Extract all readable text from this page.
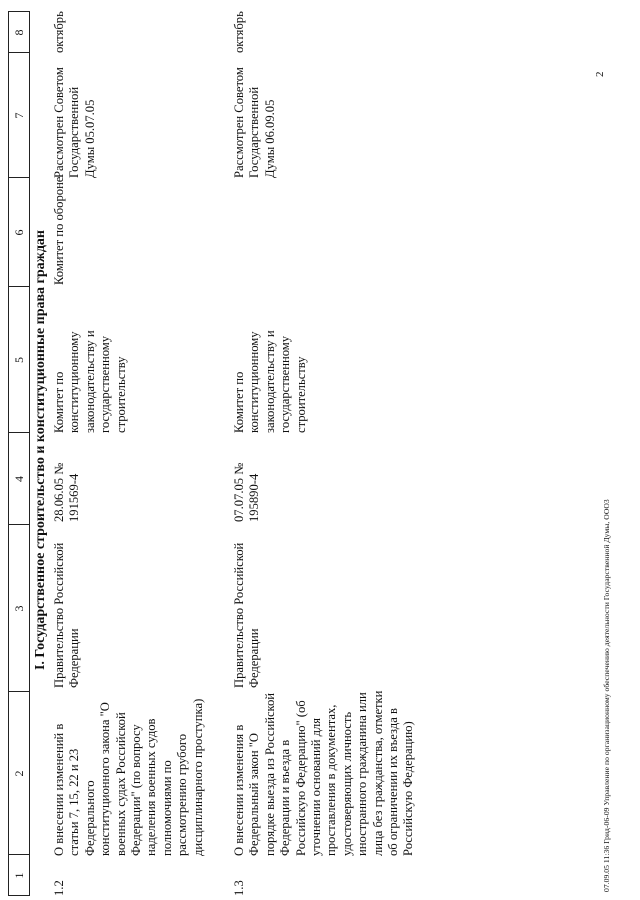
1
2
3
4
5
6
7
8
I. Государственное строительство и конституционные права граждан
1.2
О внесении изменений в статьи 7, 15, 22 и 23 Федерального конституционного закона "О военных судах Российской Федерации" (по вопросу наделения военных судов полномочиями по рассмотрению грубого дисциплинарного проступка)
Правительство Российской Федерации
28.06.05 № 191569-4
Комитет по конституционному законодательству и государственному строительству
Комитет по обороне
Рассмотрен Советом Государственной Думы 05.07.05
октябрь
1.3
О внесении изменения в Федеральный закон "О порядке выезда из Российской Федерации и въезда в Российскую Федерацию" (об уточнении оснований для проставления в документах, удостоверяющих личность иностранного гражданина или лица без гражданства, отметки об ограничении их въезда в Российскую Федерацию)
Правительство Российской Федерации
07.07.05 № 195890-4
Комитет по конституционному законодательству и государственному строительству
Рассмотрен Советом Государственной Думы 06.09.05
октябрь
07.09.05 11:36 Грид-06-09 Управление по организационному обеспечению деятельности Государственной Думы, ООО3
2
